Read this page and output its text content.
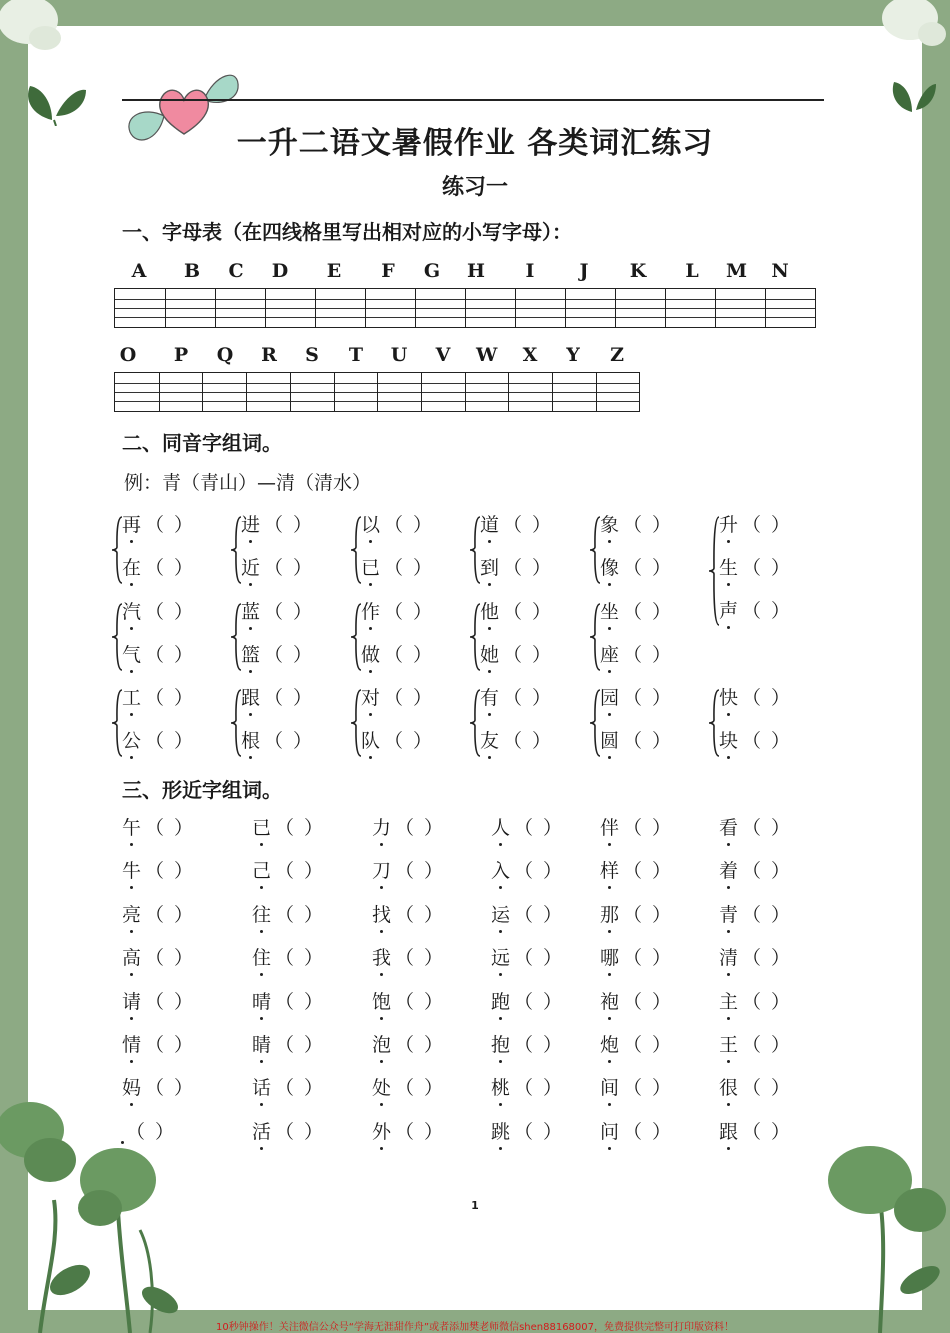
一升二语文暑假作业 各类词汇练习
练习一
一、字母表（在四线格里写出相对应的小写字母）：
二、同音字组词。
例：青（青山）—清（清水）
三、形近字组词。
1
10秒钟操作！关注微信公众号“学海无涯甜作舟”或者添加樊老师微信shen88168007，免费提供完整可打印版资料！
A B C D E F G H I J K L M N
O P Q R S T U V W X Y Z
再 （ ）
在 （ ）
进 （ ）
近 （ ）
以 （ ）
已 （ ）
道 （ ）
到 （ ）
象 （ ）
像 （ ）
升 （ ）
生 （ ）
声 （ ）
汽 （ ）
气 （ ）
蓝 （ ）
篮 （ ）
作 （ ）
做 （ ）
他 （ ）
她 （ ）
坐 （ ）
座 （ ）
工 （ ）
公 （ ）
跟 （ ）
根 （ ）
对 （ ）
队 （ ）
有 （ ）
友 （ ）
园 （ ）
圆 （ ）
快 （ ）
块 （ ）
午 （ ）	已 （ ）	力 （ ）	人 （ ） 伴 （ ）	看 （ ）
牛 （ ）	己 （ ）	刀 （ ）	入 （ ） 样 （ ）	着 （ ）
亮 （ ）	往 （ ）	找 （ ）	运 （ ） 那 （ ）	青 （ ）
高 （ ）	住 （ ）	我 （ ）	远 （ ） 哪 （ ）	清 （ ）
请 （ ）	晴 （ ）	饱 （ ）	跑 （ ） 袍 （ ）	主 （ ）
情 （ ）	睛 （ ）	泡 （ ）	抱 （ ） 炮 （ ）	王 （ ）
妈 （ ）	话 （ ）	处 （ ）	桃 （ ） 间 （ ）	很 （ ）
（ ）	活 （ ）	外 （ ）	跳 （ ） 问 （ ）	跟 （ ）
